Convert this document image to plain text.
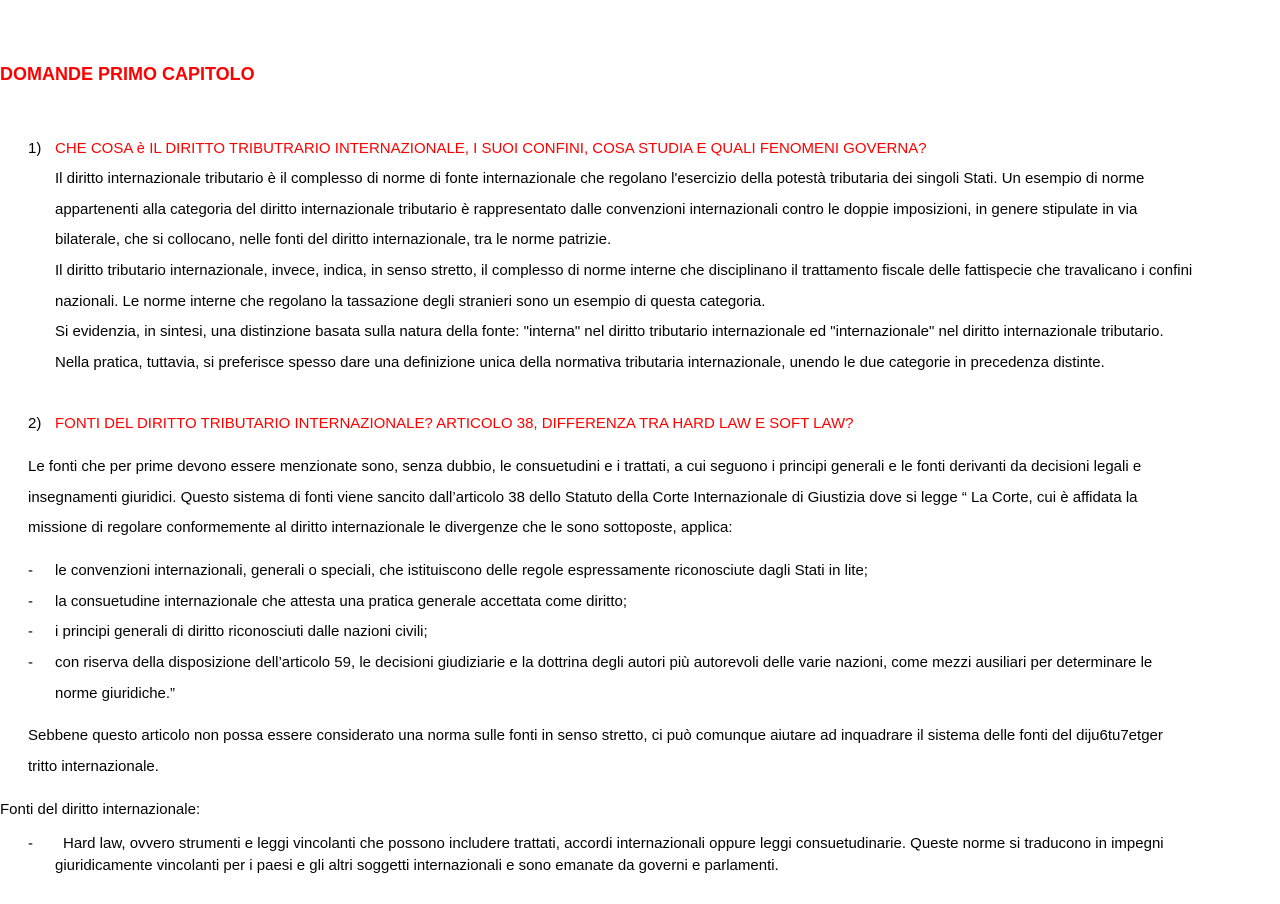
DOMANDE PRIMO CAPITOLO
1) CHE COSA è IL DIRITTO TRIBUTRARIO INTERNAZIONALE, I SUOI CONFINI, COSA STUDIA E QUALI FENOMENI GOVERNA?

Il diritto internazionale tributario è il complesso di norme di fonte internazionale che regolano l'esercizio della potestà tributaria dei singoli Stati. Un esempio di norme appartenenti alla categoria del diritto internazionale tributario è rappresentato dalle convenzioni internazionali contro le doppie imposizioni, in genere stipulate in via bilaterale, che si collocano, nelle fonti del diritto internazionale, tra le norme patrizie.

Il diritto tributario internazionale, invece, indica, in senso stretto, il complesso di norme interne che disciplinano il trattamento fiscale delle fattispecie che travalicano i confini nazionali. Le norme interne che regolano la tassazione degli stranieri sono un esempio di questa categoria.

Si evidenzia, in sintesi, una distinzione basata sulla natura della fonte: "interna" nel diritto tributario internazionale ed "internazionale" nel diritto internazionale tributario. Nella pratica, tuttavia, si preferisce spesso dare una definizione unica della normativa tributaria internazionale, unendo le due categorie in precedenza distinte.

2) FONTI DEL DIRITTO TRIBUTARIO INTERNAZIONALE? ARTICOLO 38, DIFFERENZA TRA HARD LAW E SOFT LAW?

Le fonti che per prime devono essere menzionate sono, senza dubbio, le consuetudini e i trattati, a cui seguono i principi generali e le fonti derivanti da decisioni legali e insegnamenti giuridici. Questo sistema di fonti viene sancito dall’articolo 38 dello Statuto della Corte Internazionale di Giustizia dove si legge “ La Corte, cui è affidata la missione di regolare conformemente al diritto internazionale le divergenze che le sono sottoposte, applica:

- le convenzioni internazionali, generali o speciali, che istituiscono delle regole espressamente riconosciute dagli Stati in lite;
- la consuetudine internazionale che attesta una pratica generale accettata come diritto;
- i principi generali di diritto riconosciuti dalle nazioni civili;
- con riserva della disposizione dell’articolo 59, le decisioni giudiziarie e la dottrina degli autori più autorevoli delle varie nazioni, come mezzi ausiliari per determinare le norme giuridiche.”

Sebbene questo articolo non possa essere considerato una norma sulle fonti in senso stretto, ci può comunque aiutare ad inquadrare il sistema delle fonti del diju6tu7etger tritto internazionale.

Fonti del diritto internazionale:

-	Hard law, ovvero strumenti e leggi vincolanti che possono includere trattati, accordi internazionali oppure leggi consuetudinarie. Queste norme si traducono in impegni giuridicamente vincolanti per i paesi e gli altri soggetti internazionali e sono emanate da governi e parlamenti.
